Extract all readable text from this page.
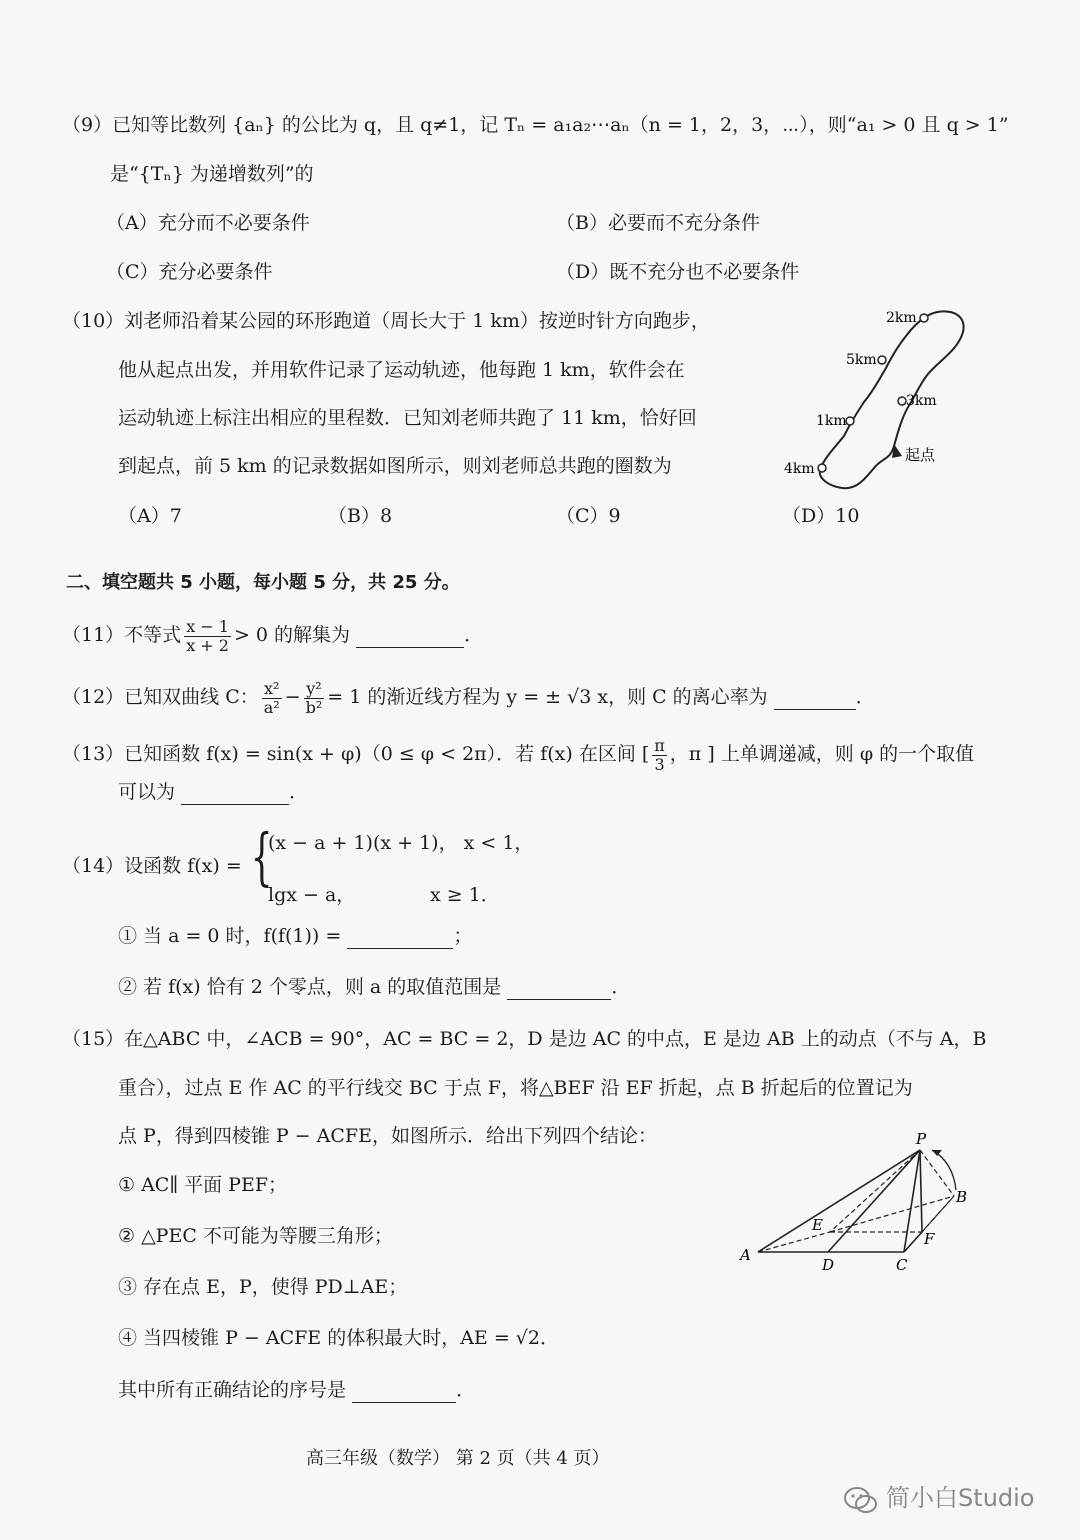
（9）已知等比数列 {aₙ} 的公比为 q，且 q≠1，记 Tₙ = a₁a₂⋯aₙ（n = 1，2，3，⋯），则“a₁ > 0 且 q > 1”
是“{Tₙ} 为递增数列”的
（A）充分而不必要条件	（B）必要而不充分条件
（C）充分必要条件	（D）既不充分也不必要条件
（10）刘老师沿着某公园的环形跑道（周长大于 1 km）按逆时针方向跑步，
他从起点出发，并用软件记录了运动轨迹，他每跑 1 km，软件会在
运动轨迹上标注出相应的里程数．已知刘老师共跑了 11 km，恰好回
到起点，前 5 km 的记录数据如图所示，则刘老师总共跑的圈数为
（A）7	（B）8	（C）9	（D）10
2km
5km
3km
1km
起点
4km
二、填空题共 5 小题，每小题 5 分，共 25 分。
（11）不等式 $\frac{x - 1}{x + 2} > 0$ 的解集为	．
（12）已知双曲线 C： $\frac{\text{x²}}{\text{a²}} - \frac{\text{y²}}{\text{b²}} = 1$ 的渐近线方程为 y = ± √3 x，则 C 的离心率为	．
（13）已知函数 f(x) = sin(x + φ)（0 ≤ φ < 2π）．若 f(x) 在区间 [ $\frac{\pi}{3}$ ，π ] 上单调递减，则 φ 的一个取值
可以为	．
（14）设函数 f(x) = {
(x − a + 1)(x + 1)， x < 1，
lgx − a，	x ≥ 1．
① 当 a = 0 时，f(f(1)) =	；
② 若 f(x) 恰有 2 个零点，则 a 的取值范围是	．
（15）在△ABC 中，∠ACB = 90°，AC = BC = 2，D 是边 AC 的中点，E 是边 AB 上的动点（不与 A，B
重合），过点 E 作 AC 的平行线交 BC 于点 F，将△BEF 沿 EF 折起，点 B 折起后的位置记为
点 P，得到四棱锥 P − ACFE，如图所示．给出下列四个结论：
① AC∥ 平面 PEF；
② △PEC 不可能为等腰三角形；
③ 存在点 E，P，使得 PD⊥AE；
④ 当四棱锥 P − ACFE 的体积最大时，AE = √2．
其中所有正确结论的序号是	．
P
B
E
F
A
D	C
高三年级（数学） 第 2 页（共 4 页）
简小白Studio
